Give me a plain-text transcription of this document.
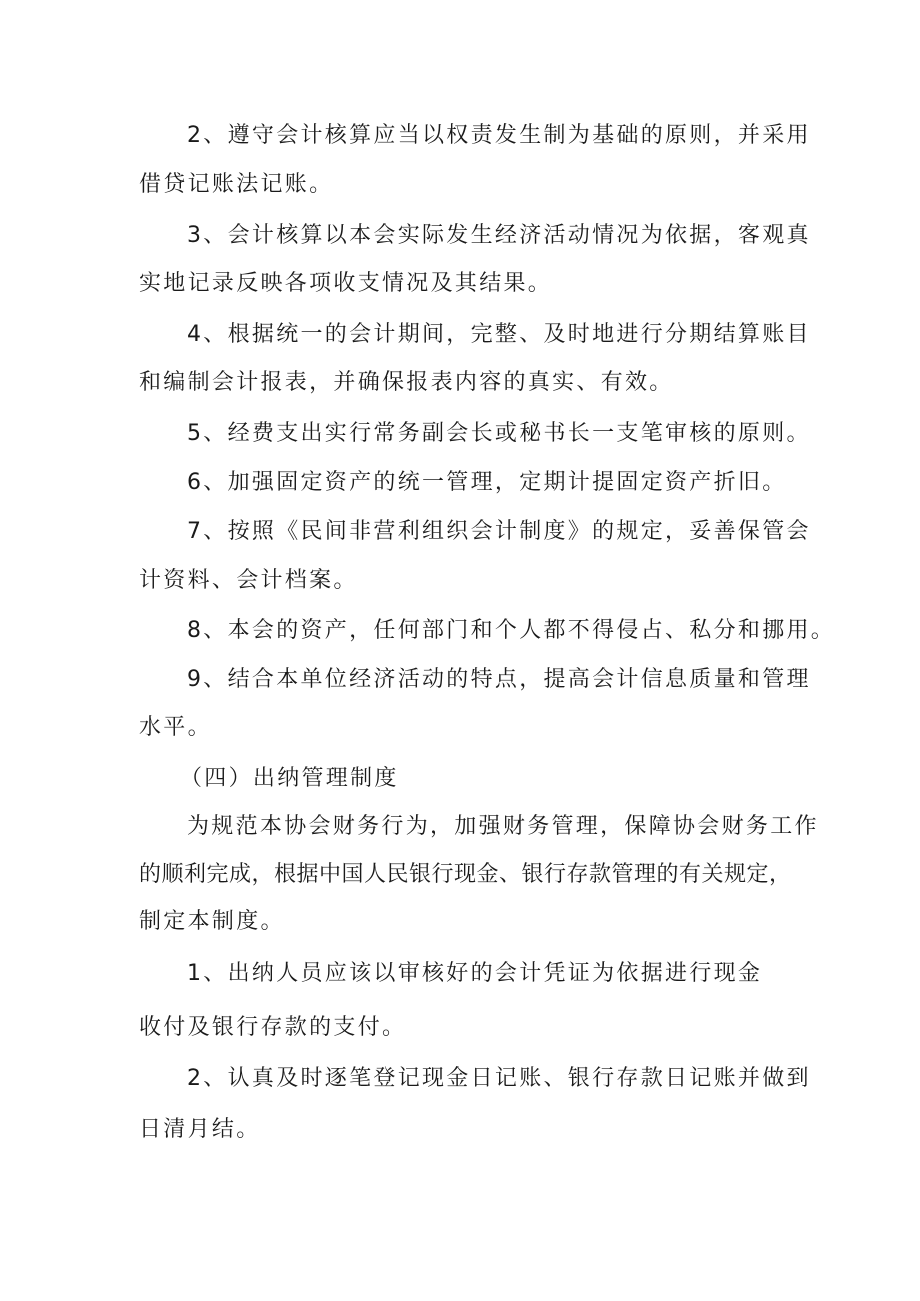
2、遵守会计核算应当以权责发生制为基础的原则，并采用
借贷记账法记账。
3、会计核算以本会实际发生经济活动情况为依据，客观真
实地记录反映各项收支情况及其结果。
4、根据统一的会计期间，完整、及时地进行分期结算账目
和编制会计报表，并确保报表内容的真实、有效。
5、经费支出实行常务副会长或秘书长一支笔审核的原则。
6、加强固定资产的统一管理，定期计提固定资产折旧。
7、按照《民间非营利组织会计制度》的规定，妥善保管会
计资料、会计档案。
8、本会的资产，任何部门和个人都不得侵占、私分和挪用。
9、结合本单位经济活动的特点，提高会计信息质量和管理
水平。
（四）出纳管理制度
为规范本协会财务行为，加强财务管理，保障协会财务工作
的顺利完成，根据中国人民银行现金、银行存款管理的有关规定，
制定本制度。
1、出纳人员应该以审核好的会计凭证为依据进行现金
收付及银行存款的支付。
2、认真及时逐笔登记现金日记账、银行存款日记账并做到
日清月结。
